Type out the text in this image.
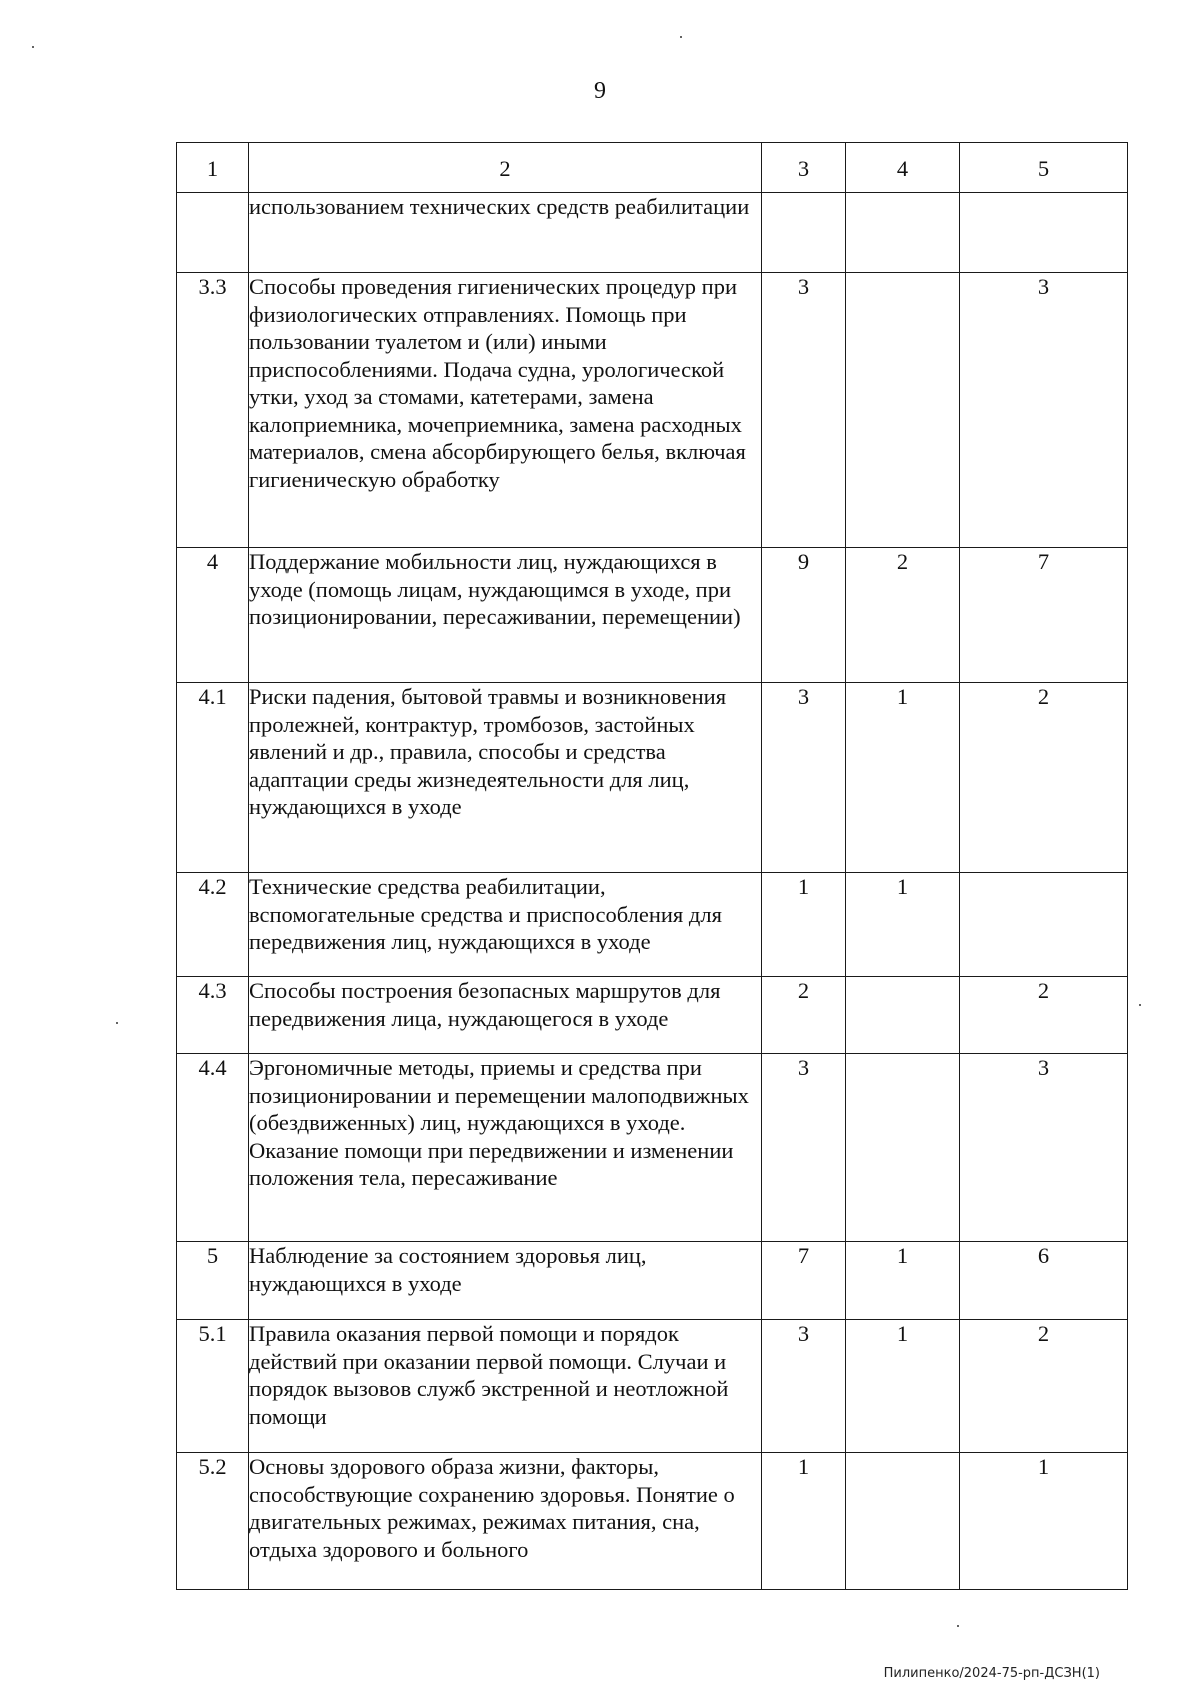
9
1	2	3	4	5
	использованием технических средств реабилитации			
3.3	Способы проведения гигиенических процедур при физиологических отправлениях. Помощь при пользовании туалетом и (или) иными приспособлениями. Подача судна, урологической утки, уход за стомами, катетерами, замена калоприемника, мочеприемника, замена расходных материалов, смена абсорбирующего белья, включая гигиеническую обработку	3		3
4	Поддержание мобильности лиц, нуждающихся в уходе (помощь лицам, нуждающимся в уходе, при позиционировании, пересаживании, перемещении)	9	2	7
4.1	Риски падения, бытовой травмы и возникновения пролежней, контрактур, тромбозов, застойных явлений и др., правила, способы и средства адаптации среды жизнедеятельности для лиц, нуждающихся в уходе	3	1	2
4.2	Технические средства реабилитации, вспомогательные средства и приспособления для передвижения лиц, нуждающихся в уходе	1	1	
4.3	Способы построения безопасных маршрутов для передвижения лица, нуждающегося в уходе	2		2
4.4	Эргономичные методы, приемы и средства при позиционировании и перемещении малоподвижных (обездвиженных) лиц, нуждающихся в уходе. Оказание помощи при передвижении и изменении положения тела, пересаживание	3		3
5	Наблюдение за состоянием здоровья лиц, нуждающихся в уходе	7	1	6
5.1	Правила оказания первой помощи и порядок действий при оказании первой помощи. Случаи и порядок вызовов служб экстренной и неотложной помощи	3	1	2
5.2	Основы здорового образа жизни, факторы, способствующие сохранению здоровья. Понятие о двигательных режимах, режимах питания, сна, отдыха здорового и больного	1		1
Пилипенко/2024-75-рп-ДСЗН(1)
